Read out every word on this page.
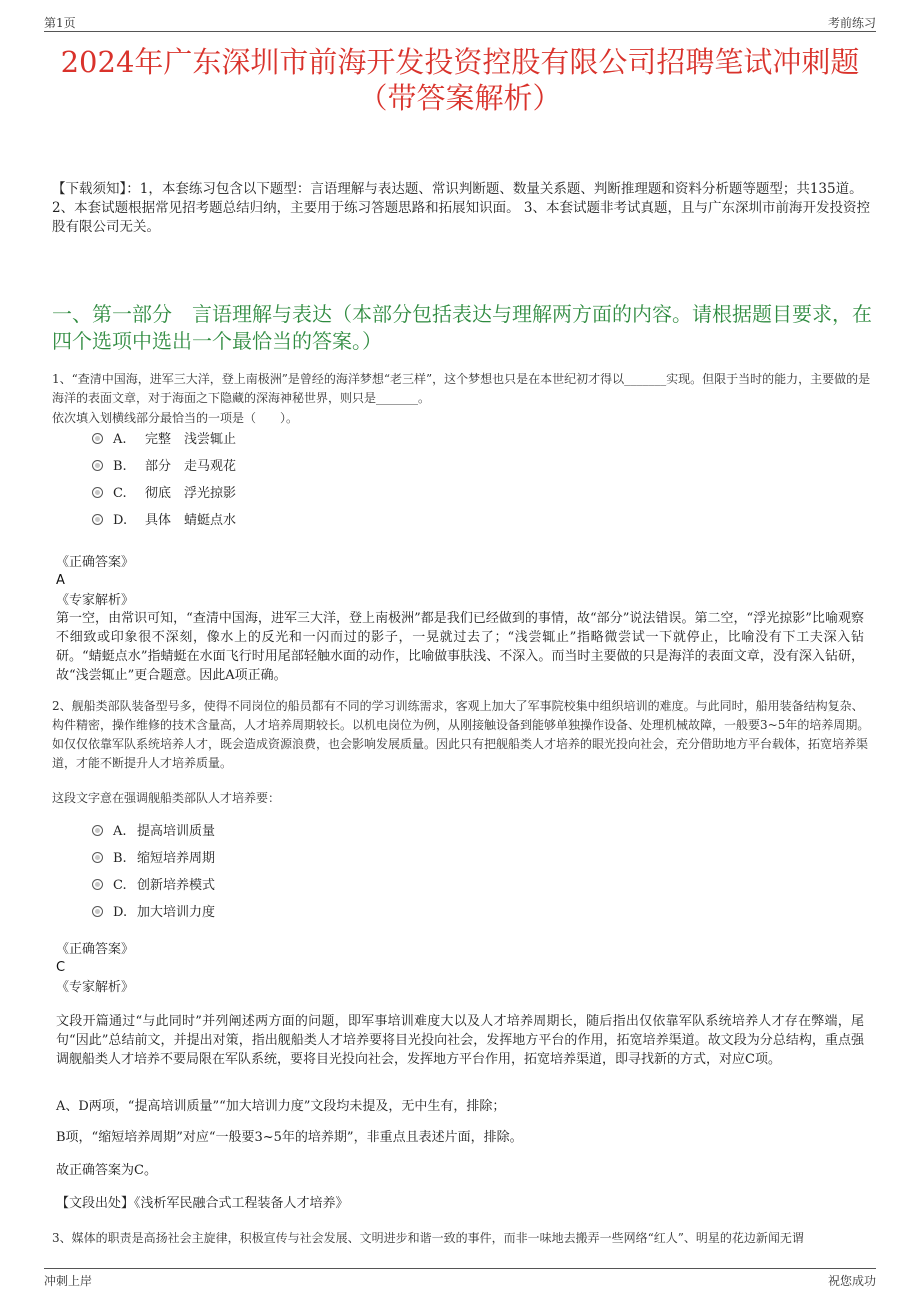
第1页	考前练习
2024年广东深圳市前海开发投资控股有限公司招聘笔试冲刺题
（带答案解析）
【下载须知】：1，本套练习包含以下题型：言语理解与表达题、常识判断题、数量关系题、判断推理题和资料分析题等题型；共135道。 2、本套试题根据常见招考题总结归纳，主要用于练习答题思路和拓展知识面。 3、本套试题非考试真题，且与广东深圳市前海开发投资控股有限公司无关。
一、第一部分　言语理解与表达（本部分包括表达与理解两方面的内容。请根据题目要求，在四个选项中选出一个最恰当的答案。）
1、“查清中国海，进军三大洋，登上南极洲”是曾经的海洋梦想“老三样”，这个梦想也只是在本世纪初才得以_______实现。但限于当时的能力，主要做的是海洋的表面文章，对于海面之下隐藏的深海神秘世界，则只是_______。
依次填入划横线部分最恰当的一项是（　　）。
A. 完整　浅尝辄止
B. 部分　走马观花
C. 彻底　浮光掠影
D. 具体　蜻蜓点水
《正确答案》
A
《专家解析》
第一空，由常识可知，“查清中国海，进军三大洋，登上南极洲”都是我们已经做到的事情，故“部分”说法错误。第二空，“浮光掠影”比喻观察不细致或印象很不深刻，像水上的反光和一闪而过的影子，一晃就过去了；“浅尝辄止”指略微尝试一下就停止，比喻没有下工夫深入钻研。“蜻蜓点水”指蜻蜓在水面飞行时用尾部轻触水面的动作，比喻做事肤浅、不深入。而当时主要做的只是海洋的表面文章，没有深入钻研，故“浅尝辄止”更合题意。因此A项正确。
2、舰船类部队装备型号多，使得不同岗位的船员都有不同的学习训练需求，客观上加大了军事院校集中组织培训的难度。与此同时，船用装备结构复杂、构件精密，操作维修的技术含量高，人才培养周期较长。以机电岗位为例，从刚接触设备到能够单独操作设备、处理机械故障，一般要3~5年的培养周期。如仅仅依靠军队系统培养人才，既会造成资源浪费，也会影响发展质量。因此只有把舰船类人才培养的眼光投向社会，充分借助地方平台载体，拓宽培养渠道，才能不断提升人才培养质量。
这段文字意在强调舰船类部队人才培养要：
A. 提高培训质量
B. 缩短培养周期
C. 创新培养模式
D. 加大培训力度
《正确答案》
C
《专家解析》
文段开篇通过“与此同时”并列阐述两方面的问题，即军事培训难度大以及人才培养周期长，随后指出仅依靠军队系统培养人才存在弊端，尾句“因此”总结前文，并提出对策，指出舰船类人才培养要将目光投向社会，发挥地方平台的作用，拓宽培养渠道。故文段为分总结构，重点强调舰船类人才培养不要局限在军队系统，要将目光投向社会，发挥地方平台作用，拓宽培养渠道，即寻找新的方式，对应C项。
A、D两项，“提高培训质量”“加大培训力度”文段均未提及，无中生有，排除；
B项，“缩短培养周期”对应“一般要3~5年的培养期”，非重点且表述片面，排除。
故正确答案为C。
【文段出处】《浅析军民融合式工程装备人才培养》
3、媒体的职责是高扬社会主旋律，积极宣传与社会发展、文明进步和谐一致的事件，而非一味地去搬弄一些网络“红人”、明星的花边新闻无谓
冲刺上岸	祝您成功
